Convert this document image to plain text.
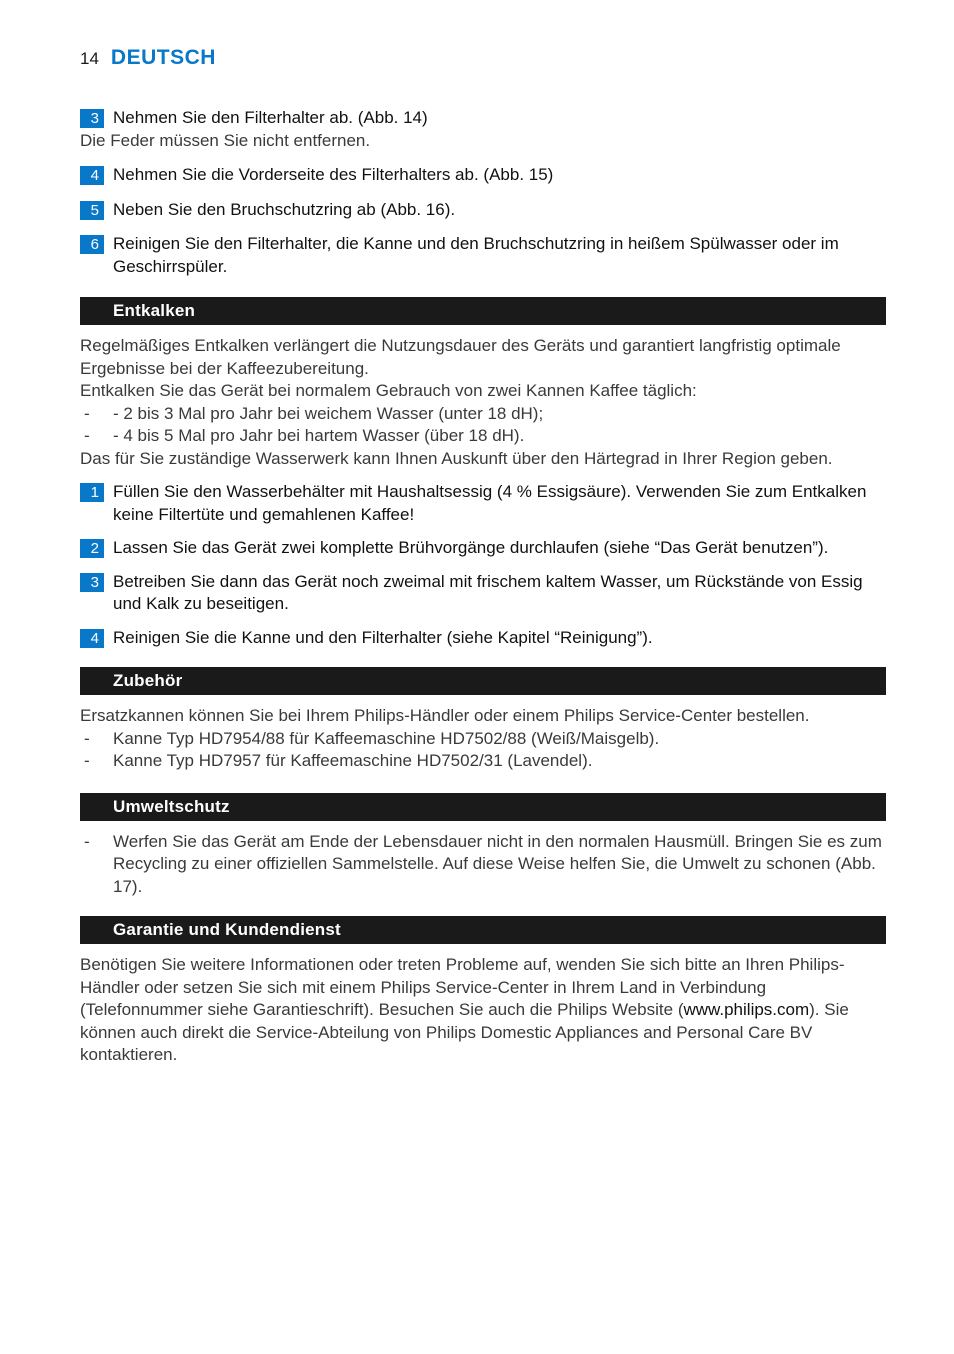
14 DEUTSCH
3 Nehmen Sie den Filterhalter ab. (Abb. 14)
Die Feder müssen Sie nicht entfernen.
4 Nehmen Sie die Vorderseite des Filterhalters ab. (Abb. 15)
5 Neben Sie den Bruchschutzring ab (Abb. 16).
6 Reinigen Sie den Filterhalter, die Kanne und den Bruchschutzring in heißem Spülwasser oder im Geschirrspüler.
Entkalken
Regelmäßiges Entkalken verlängert die Nutzungsdauer des Geräts und garantiert langfristig optimale Ergebnisse bei der Kaffeezubereitung.
Entkalken Sie das Gerät bei normalem Gebrauch von zwei Kannen Kaffee täglich:
- - 2 bis 3 Mal pro Jahr bei weichem Wasser (unter 18 dH);
- - 4 bis 5 Mal pro Jahr bei hartem Wasser (über 18 dH).
Das für Sie zuständige Wasserwerk kann Ihnen Auskunft über den Härtegrad in Ihrer Region geben.
1 Füllen Sie den Wasserbehälter mit Haushaltsessig (4 % Essigsäure). Verwenden Sie zum Entkalken keine Filtertüte und gemahlenen Kaffee!
2 Lassen Sie das Gerät zwei komplette Brühvorgänge durchlaufen (siehe “Das Gerät benutzen”).
3 Betreiben Sie dann das Gerät noch zweimal mit frischem kaltem Wasser, um Rückstände von Essig und Kalk zu beseitigen.
4 Reinigen Sie die Kanne und den Filterhalter (siehe Kapitel “Reinigung”).
Zubehör
Ersatzkannen können Sie bei Ihrem Philips-Händler oder einem Philips Service-Center bestellen.
- Kanne Typ HD7954/88 für Kaffeemaschine HD7502/88 (Weiß/Maisgelb).
- Kanne Typ HD7957 für Kaffeemaschine HD7502/31 (Lavendel).
Umweltschutz
- Werfen Sie das Gerät am Ende der Lebensdauer nicht in den normalen Hausmüll. Bringen Sie es zum Recycling zu einer offiziellen Sammelstelle. Auf diese Weise helfen Sie, die Umwelt zu schonen (Abb. 17).
Garantie und Kundendienst
Benötigen Sie weitere Informationen oder treten Probleme auf, wenden Sie sich bitte an Ihren Philips-Händler oder setzen Sie sich mit einem Philips Service-Center in Ihrem Land in Verbindung (Telefonnummer siehe Garantieschrift). Besuchen Sie auch die Philips Website (www.philips.com). Sie können auch direkt die Service-Abteilung von Philips Domestic Appliances and Personal Care BV kontaktieren.
